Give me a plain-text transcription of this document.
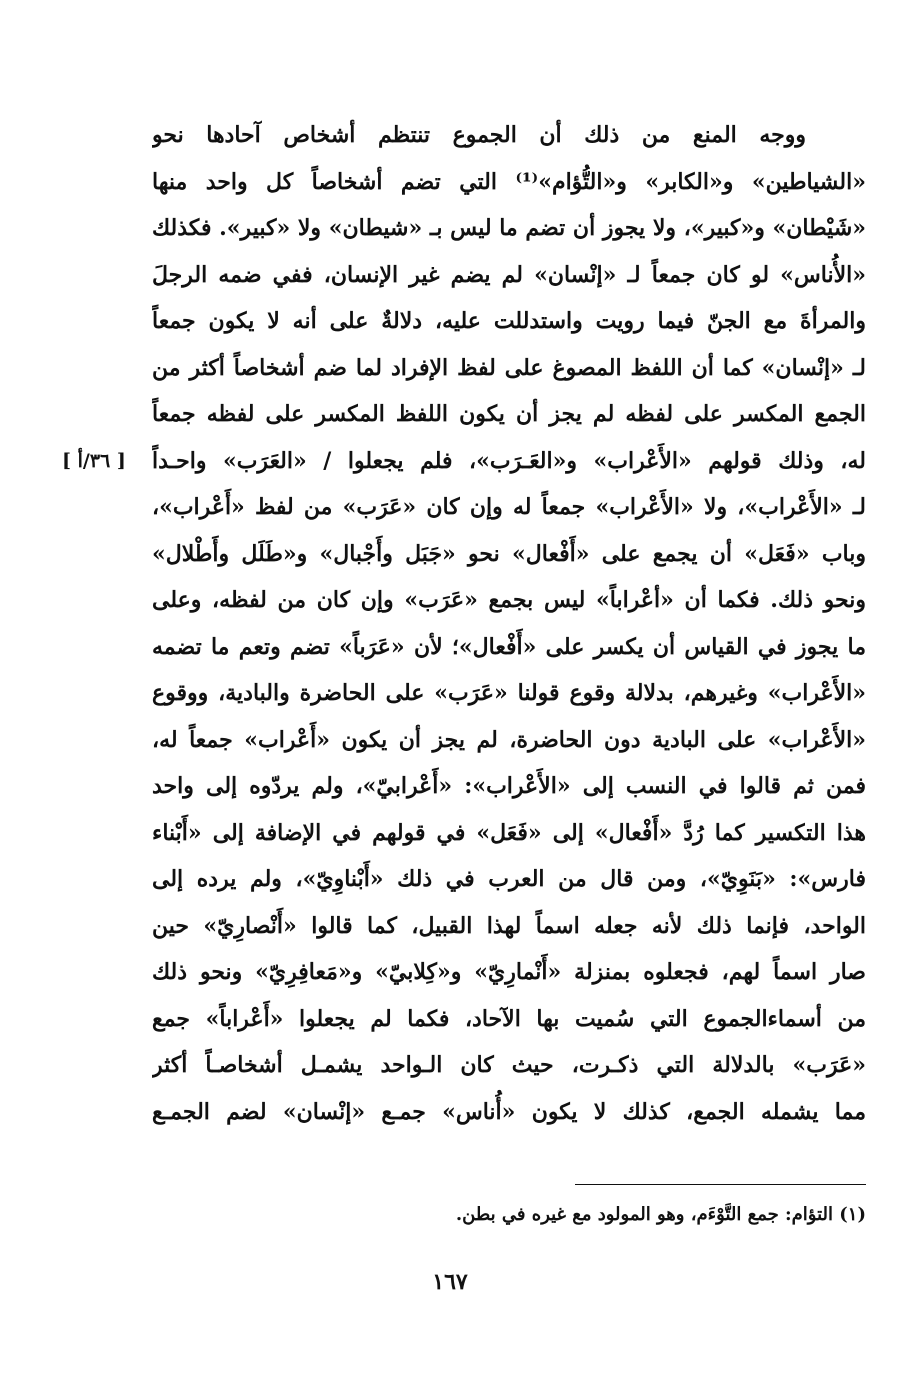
ووجه المنع من ذلك أن الجموع تنتظم أشخاص آحادها نحو
«الشياطين» و«الكابر» و«التُّؤام»⁽¹⁾ التي تضم أشخاصاً كل واحد منها
«شَيْطان» و«كبير»، ولا يجوز أن تضم ما ليس بـ «شيطان» ولا «كبير». فكذلك
«الأُناس» لو كان جمعاً لـ «إنْسان» لم يضم غير الإنسان، ففي ضمه الرجلَ
والمرأةَ مع الجنّ فيما رويت واستدللت عليه، دلالةٌ على أنه لا يكون جمعاً
لـ «إنْسان» كما أن اللفظ المصوغ على لفظ الإفراد لما ضم أشخاصاً أكثر من
الجمع المكسر على لفظه لم يجز أن يكون اللفظ المكسر على لفظه جمعاً
له، وذلك قولهم «الأَعْراب» و«العَـرَب»، فلم يجعلوا / «العَرَب» واحـداً
لـ «الأَعْراب»، ولا «الأَعْراب» جمعاً له وإن كان «عَرَب» من لفظ «أَعْراب»،
وباب «فَعَل» أن يجمع على «أَفْعال» نحو «جَبَل وأَجْبال» و«طَلَل وأَطْلال»
ونحو ذلك. فكما أن «أعْراباً» ليس بجمع «عَرَب» وإن كان من لفظه، وعلى
ما يجوز في القياس أن يكسر على «أَفْعال»؛ لأن «عَرَباً» تضم وتعم ما تضمه
«الأَعْراب» وغيرهم، بدلالة وقوع قولنا «عَرَب» على الحاضرة والبادية، ووقوع
«الأَعْراب» على البادية دون الحاضرة، لم يجز أن يكون «أَعْراب» جمعاً له،
فمن ثم قالوا في النسب إلى «الأَعْراب»: «أَعْرابيّ»، ولم يردّوه إلى واحد
هذا التكسير كما رُدَّ «أَفْعال» إلى «فَعَل» في قولهم في الإضافة إلى «أَبْناء
فارس»: «بَنَوِيّ»، ومن قال من العرب في ذلك «أَبْناوِيّ»، ولم يرده إلى
الواحد، فإنما ذلك لأنه جعله اسماً لهذا القبيل، كما قالوا «أَنْصارِيّ» حين
صار اسماً لهم، فجعلوه بمنزلة «أَنْمارِيّ» و«كِلابيّ» و«مَعافِرِيّ» ونحو ذلك
من أسماءالجموع التي سُميت بها الآحاد، فكما لم يجعلوا «أَعْراباً» جمع
«عَرَب» بالدلالة التي ذكـرت، حيث كان الـواحد يشمـل أشخاصـاً أكثر
مما يشمله الجمع، كذلك لا يكون «أُناس» جمـع «إنْسان» لضم الجمـع
[ ٣٦/أ ]
(١) التؤام: جمع التَّوْءَم، وهو المولود مع غيره في بطن.
١٦٧
